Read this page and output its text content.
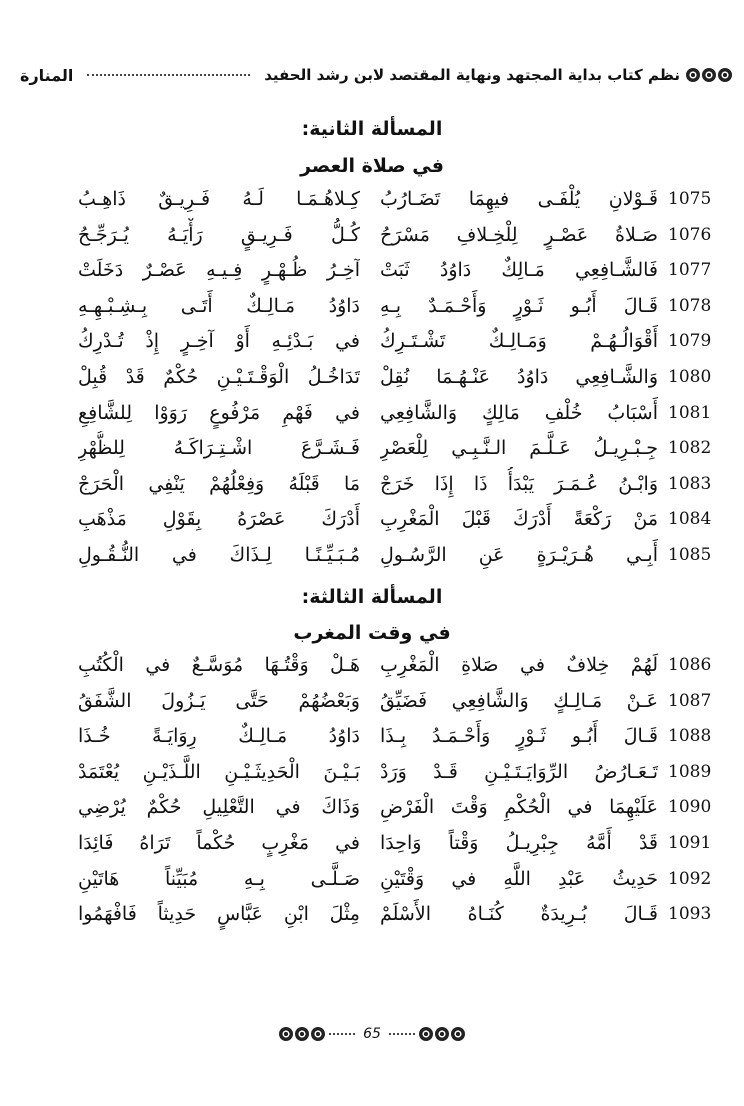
نظم كتاب بداية المجتهد ونهاية المقتصد لابن رشد الحفيد
المنارة
المسألة الثانية:
في صلاة العصر
1075
قَـوْلانِ يُلْفَـى فيهِمَا تَضَـارُبُ
كِـلاهُـمَـا لَـهُ فَـرِيـقٌ ذَاهِـبُ
1076
صَـلاةُ عَصْـرٍ لِلْخِـلافِ مَسْرَحُ
كُـلُّ فَـرِيـقٍ رَأْيَـهُ يُـرَجِّـحُ
1077
فَالشَّـافِعِي مَـالِكٌ دَاوُدُ ثَبَتْ
آخِـرُ ظُـهْـرٍ فِـيـهِ عَصْـرٌ دَخَلَتْ
1078
قَـالَ أَبُـو ثَـوْرٍ وَأَحْـمَـدٌ بِـهِ
دَاوُدُ مَـالِـكٌ أَتَـى بِـشِـبْـهِـهِ
1079
أَقْوَالُـهُـمْ وَمَـالِـكٌ تَشْـتَـرِكُ
في بَـدْئِـهِ أَوْ آخِـرٍ إِذْ تُـدْرِكُ
1080
وَالشَّـافِعِي دَاوُدُ عَنْـهُـمَا نُقِلْ
تَدَاخُـلُ الْوَقْـتَـيْـنِ حُكْمٌ قَدْ قُبِلْ
1081
أَسْبَابُ خُلْفِ مَالِكٍ وَالشَّافِعِي
في فَهْمِ مَرْفُوعٍ رَوَوْا لِلشَّافِعِ
1082
جِـبْـرِيـلُ عَـلَّـمَ الـنَّـبِـي لِلْعَصْرِ
فَـشَـرَّعَ اشْـتِـرَاكَـهُ لِلظُّهْرِ
1083
وَابْـنُ عُـمَـرَ يَبْدَأُ ذَا إِذَا خَرَجْ
مَا قَبْلَهُ وَفِعْلُهُمْ يَنْفِي الْحَرَجْ
1084
مَنْ رَكْعَةً أَدْرَكَ قَبْلَ الْمَغْرِبِ
أَدْرَكَ عَصْرَهُ بِقَوْلِ مَذْهَبِ
1085
أَبِـي هُـرَيْـرَةٍ عَنِ الرَّسُـولِ
مُـبَـيِّـنًـا لِـذَاكَ في النُّـقُـولِ
المسألة الثالثة:
في وقت المغرب
1086
لَهُمْ خِلافٌ في صَلاةِ الْمَغْرِبِ
هَـلْ وَقْتُـهَا مُوَسَّـعٌ في الْكُتُبِ
1087
عَـنْ مَـالِـكٍ وَالشَّافِعِي فَضَيِّقُ
وَبَعْضُهُمْ حَتَّى يَـزُولَ الشَّفَقُ
1088
قَـالَ أَبُـو ثَـوْرٍ وَأَحْـمَـدُ بِـذَا
دَاوُدُ مَـالِـكٌ رِوَايَـةً خُـذَا
1089
تَـعَـارُضُ الرِّوَايَـتَـيْـنِ قَـدْ وَرَدْ
بَـيْـنَ الْحَدِيثَـيْـنِ اللَّـذَيْـنِ يُعْتَمَدْ
1090
عَلَيْهِمَا في الْحُكْمِ وَقْتَ الْفَرْضِ
وَذَاكَ في التَّعْلِيلِ حُكْمٌ يُرْضِي
1091
قَدْ أَمَّهُ جِبْرِيـلُ وَقْتاً وَاحِدَا
في مَغْرِبٍ حُكْماً تَرَاهُ فَائِدَا
1092
حَدِيثُ عَبْدِ اللَّهِ في وَقْتَيْنِ
صَـلَّـى بِـهِ مُبَيِّناً هَاتَيْنِ
1093
قَـالَ بُـرِيدَةٌ كُنَـاهُ الأَسْلَمْ
مِثْلَ ابْنِ عَبَّاسٍ حَدِيثاً فَافْهَمُوا
65
